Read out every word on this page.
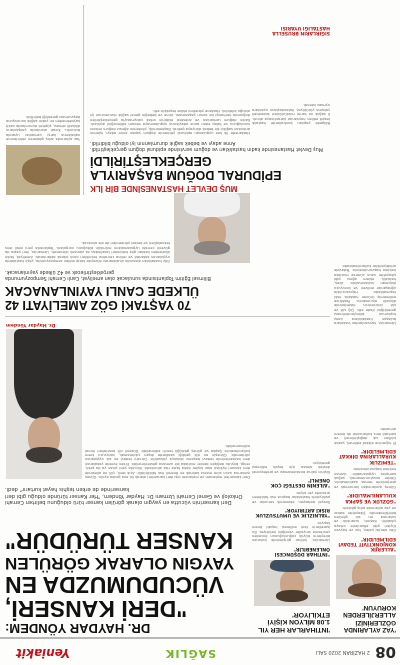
08
2 HAZİRAN 2020 SALI
SAĞLIK
Yeniakit

'YAZ AYLARINDA GÖZLERİNİZİ ALLERJİLERDEN KORUYUN'

"ALLERJİK KONJONKTİVİT TEDAVİ EDİLMELİDİR"

Göz alerjisi polen, toz ve hayvan tüyleri gibi etkenlerle ortaya çıkabilir. Kaşıntı, kızarıklık ve sulanma en sık görülen belirtilerdendir. Şikayetler bahar ve yaz aylarında artış gösterir.

"GÖZLÜK VE ŞAPKA KULLANILMALIDIR"

Güneş ışınlarından korunmak ve alerjenlerle temas azaltılmalıdır. Gözler ovuşturulmamalı, soğuk kompres uygulanabilir. Uzman hekime başvurulmalıdır.

"TEMİZLİK KURALLARINA DİKKAT EDİLMELİDİR"

El hijyenine dikkat edilmeli, yastık kılıfları sık değiştirilmeli ve kontakt lens kullananlar ek önlem almalıdır.

DR. HAYDAR YÖNDEM:
"DERİ KANSERİ,
VÜCUDUMUZDA EN
YAYGIN OLARAK GÖRÜLEN
KANSER TÜRÜDÜR"
Deri kanserinin vücutta en yaygın olarak görülen kanser türü olduğunu belirten Cerrahi Onkoloji ve Genel Cerrahi Uzmanı Dr. Haydar Yöndem, "Her Kanser türünde olduğu gibi deri kanserinde de erken teşhis hayat kurtarır" dedi.

'İNTİHARLAR HER YIL 1.08 MİLYON KİŞİYİ ETKİLİYOR'

"İNTİHAR DÜŞÜNCESİ ÖNLENEBİLİR"

Uzmanlar, intihar girişiminde bulunan bireylerin büyük çoğunluğunun önceden çevresine sinyaller verdiğini belirtiyor. Bu işaretlerin fark edilmesi hayati önem taşıyor.

"YALNIZLIK VE UMUTSUZLUK RİSKİ ARTIRIYOR"

Sosyal izolasyon, ekonomik sorunlar ve psikiyatrik hastalıklar başlıca risk faktörleri arasında yer alıyor.

"AİLENİN DESTEĞİ ÇOK ÖNEMLİ"

Kişinin yalnız bırakılmaması ve profesyonel destek alması için teşvik edilmesi gerekiyor.

Deri kanserleri melanom ve melanom dışı deri kanserleri olarak iki ana gruba ayrılır. Güneş ışınlarına uzun süre maruz kalmak en önemli risk faktörüdür. Açık tenli, çilli ve ailesinde deri kanseri öyküsü olan kişiler daha fazla risk altındadır. Vücutta yeni çıkan ya da şekli, rengi, boyutu değişen benler mutlaka bir uzmana gösterilmelidir. Erken evrede yakalanan deri kanserlerinde tedavi başarısı oldukça yüksektir. Cerrahi tedavi en sık uygulanan yöntemdir. Güneşin en dik geldiği saatlerde dışarı çıkılmamalı, koruyucu krem kullanılmalıdır. Şapka ve güneş gözlüğü tercih edilmelidir. Düzenli cilt kontrolleri ihmal edilmemelidir.

Dr. Haydar Yöndem
70 YAŞTAKİ GÖZ AMELİYATI 42
ÜLKEDE CANLI YAYINLANACAK
Bilimsel Eğitim Toplantısında sunulacak olan ameliyat, Canlı Cerrahi Sempozyumunda gerçekleştirilecek ve 42 ülkede yayınlanacak.

Göz hastalıkları alanında uluslararası düzeyde takip edilen sempozyumda, yaşlı hastalarda uygulanan katarakt ve retina cerrahisi teknikleri canlı olarak aktarılacak. Ameliyat, farklı ülkelerden katılan göz hekimleri tarafından eş zamanlı izlenecek. Uzmanlar, ileri yaşta da güvenli cerrahi uygulamaların mümkün olduğunu vurguladı. Toplantıda yeni nesil lens teknolojileri ve tedavi yöntemleri de ele alınacak.

MUŞ DEVLET HASTANESİNDE BİR İLK
EPİDURAL DOĞUM BAŞARIYLA
GERÇEKLEŞTİRİLDİ
Muş Devlet Hastanesinde kadın hastalıkları ve doğum servisinde epidural doğum gerçekleştirildi. Anne adayı ve bebek sağlık durumlarının iyi olduğu bildirildi.

Hastanede ilk kez uygulanan epidural yöntemle doğum yapan anne adayı, işlemin ardından sağlıklı bir bebek dünyaya getirdi. Başhekimlik, yöntemin ağrısız doğum imkanı sunduğunu ve talep eden anne adaylarına uygulanmaya devam edileceğini açıkladı. Kadın doğum uzmanları ve anestezi ekibinin ortak çalışmasıyla gerçekleştirilen doğumda herhangi bir sorun yaşanmadı. Anne ve bebeğin genel sağlık durumunun iyi olduğu bildirildi. Hastane yönetimi ekibe teşekkür etti.

Yaz aylarında artış gösteren zehirlenme vakalarına karşı uzmanlar uyarıda bulundu. Kırsal alanlarda çalışanların dikkatli olması, şüpheli durumlarda vakit kaybetmeden en yakın sağlık kuruluşuna başvurması gerektiği belirtildi.

Uzmanlar, hayvanlardan insanlara bulaşan hastalıklara karşı toplumun bilinçlendirilmesi gerektiğini ifade etti. Çiğ süt ve süt ürünlerinin tüketiminde dikkatli olunmalıdır. Pastörize edilmemiş ürünler hastalık riski taşımaktadır. Hayvancılıkla uğraşanlar eldiven ve koruyucu ekipman kullanmalıdır. Ateş, halsizlik, eklem ağrısı gibi şikayetler uzun sürerse mutlaka hekime başvurulmalıdır. Tedavide antibiyotikler kullanılmaktadır.

SIĞIRLARIN BRUSELLA HASTALIĞI UYARISI

Bölgede yapılan kontrollerde hastalık tespit edilen hayvanlar karantinaya alındı. İl sağlık ve tarım müdürlükleri koordineli çalışma yürütüyor. Vatandaşların uyarılara uyması istendi.
